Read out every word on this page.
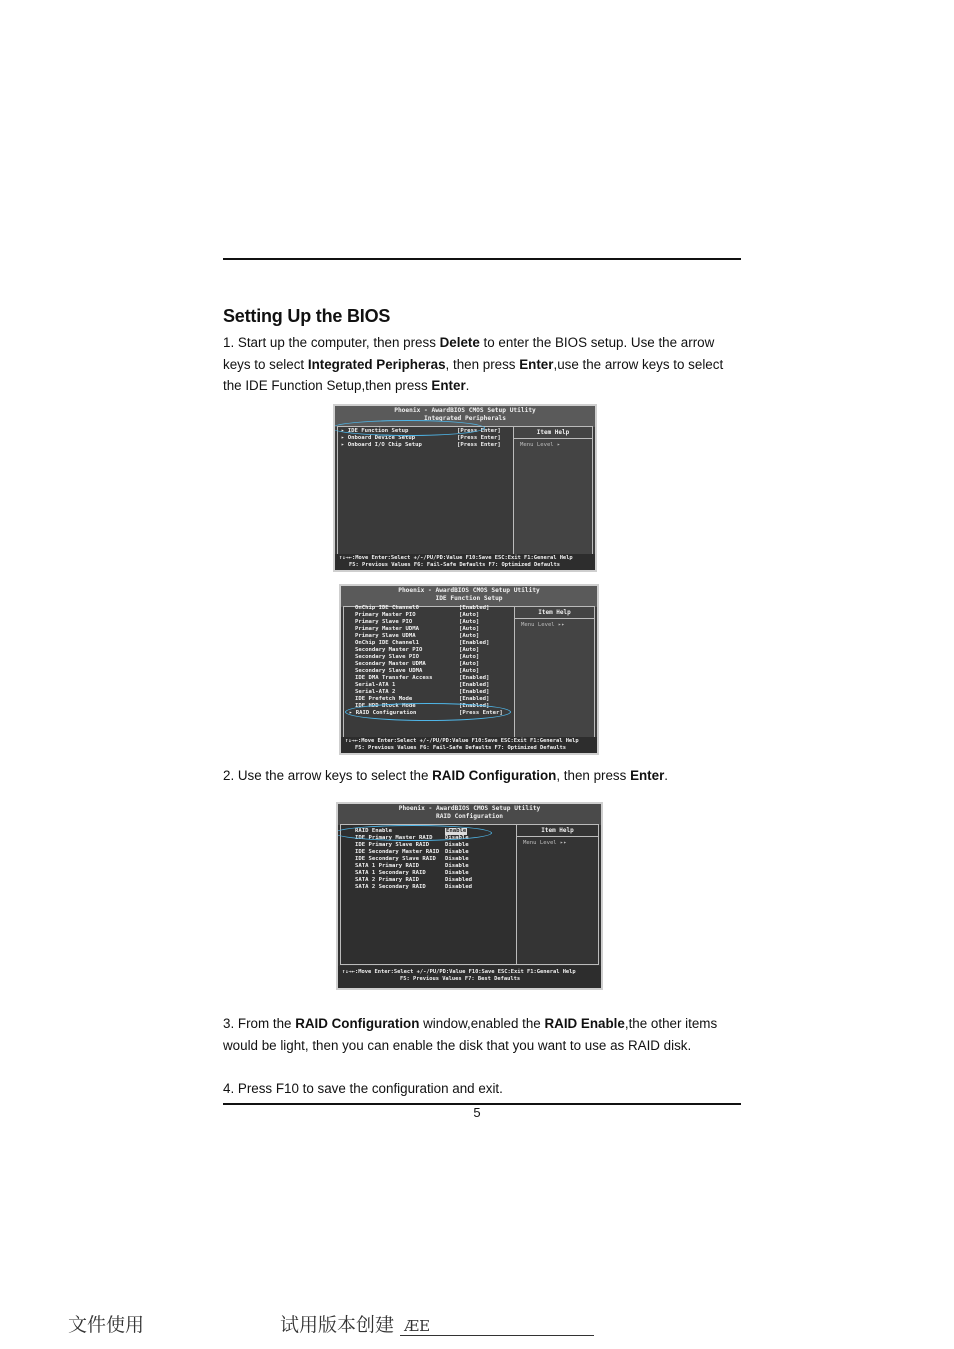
Setting Up the BIOS
1. Start up the computer, then press Delete to enter the BIOS setup. Use the arrow keys to select Integrated Peripheras, then press Enter,use the arrow keys to select the IDE Function Setup,then press Enter.
Phoenix - AwardBIOS CMOS Setup Utility
Integrated Peripherals
Item Help
Menu Level ▸
▸ IDE Function Setup	[Press Enter]
▸ Onboard Device Setup	[Press Enter]
▸ Onboard I/O Chip Setup	[Press Enter]
↑↓→←:Move Enter:Select +/-/PU/PD:Value F10:Save ESC:Exit F1:General Help
F5: Previous Values F6: Fail-Safe Defaults F7: Optimized Defaults
Phoenix - AwardBIOS CMOS Setup Utility
IDE Function Setup
Item Help
Menu Level ▸▸
OnChip IDE Channel0	[Enabled]
Primary Master PIO	[Auto]
Primary Slave PIO	[Auto]
Primary Master UDMA	[Auto]
Primary Slave UDMA	[Auto]
OnChip IDE Channel1	[Enabled]
Secondary Master PIO	[Auto]
Secondary Slave PIO	[Auto]
Secondary Master UDMA	[Auto]
Secondary Slave UDMA	[Auto]
IDE DMA Transfer Access	[Enabled]
Serial-ATA 1	[Enabled]
Serial-ATA 2	[Enabled]
IDE Prefetch Mode	[Enabled]
IDE HDD Block Mode	[Enabled]
▸ RAID Configuration	[Press Enter]
↑↓→←:Move Enter:Select +/-/PU/PD:Value F10:Save ESC:Exit F1:General Help
F5: Previous Values F6: Fail-Safe Defaults F7: Optimized Defaults
2. Use the arrow keys to select the RAID Configuration, then press Enter.
Phoenix - AwardBIOS CMOS Setup Utility
RAID Configuration
Item Help
Menu Level ▸▸
RAID Enable	Enable
IDE Primary Master RAID Disable
IDE Primary Slave RAID	Disable
IDE Secondary Master RAID Disable
IDE Secondary Slave RAID Disable
SATA 1 Primary RAID	Disable
SATA 1 Secondary RAID	Disable
SATA 2 Primary RAID	Disabled
SATA 2 Secondary RAID	Disabled
↑↓→←:Move Enter:Select +/-/PU/PD:Value F10:Save ESC:Exit F1:General Help
F5: Previous Values F7: Best Defaults
3. From the RAID Configuration window,enabled the RAID Enable,the other items would be light, then you can enable the disk that you want to use as RAID disk.
4. Press F10 to save the configuration and exit.
5
文件使用	试用版本创建 ÆE
